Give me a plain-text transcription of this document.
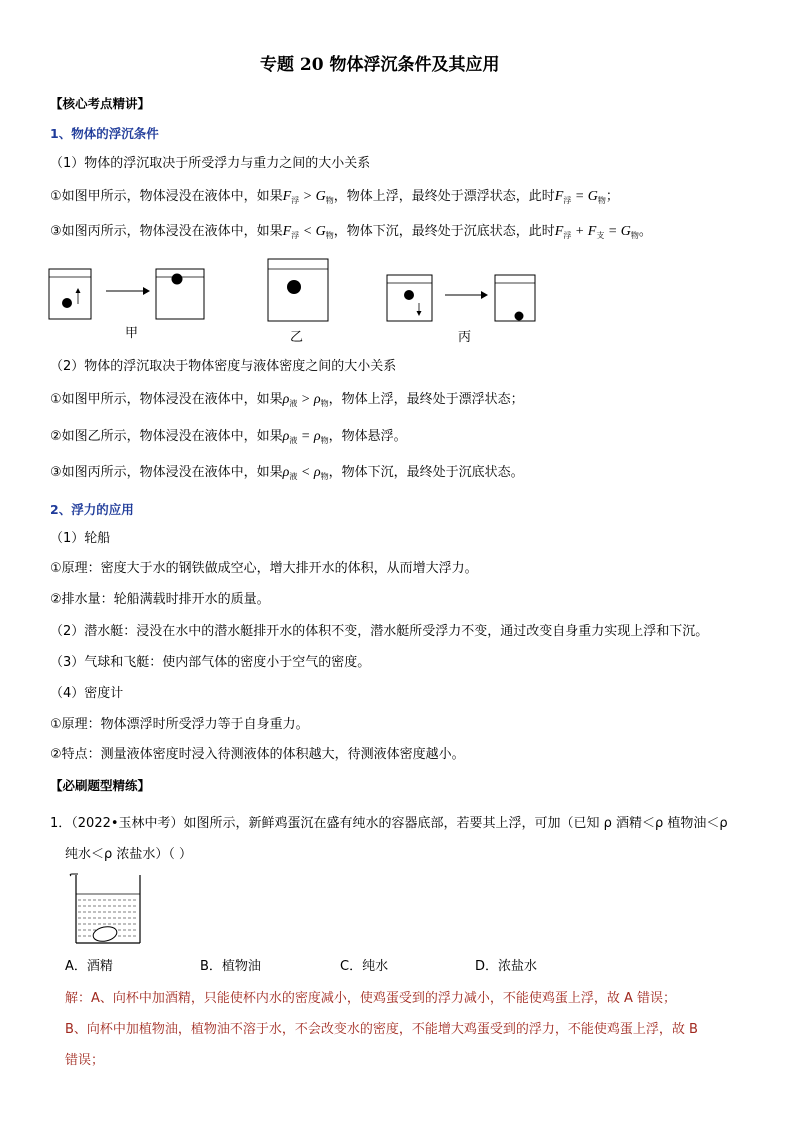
专题 20 物体浮沉条件及其应用
【核心考点精讲】
1、物体的浮沉条件
（1）物体的浮沉取决于所受浮力与重力之间的大小关系
①如图甲所示，物体浸没在液体中，如果$F_浮 > G_物$，物体上浮，最终处于漂浮状态，此时$F_浮 = G_物$；
③如图丙所示，物体浸没在液体中，如果$F_浮 < G_物$，物体下沉，最终处于沉底状态，此时$F_浮 + F_支 = G_物$。
甲	乙	丙
（2）物体的浮沉取决于物体密度与液体密度之间的大小关系
①如图甲所示，物体浸没在液体中，如果$\rho_液 > \rho_物$，物体上浮，最终处于漂浮状态；
②如图乙所示，物体浸没在液体中，如果$\rho_液 = \rho_物$，物体悬浮。
③如图丙所示，物体浸没在液体中，如果$\rho_液 < \rho_物$，物体下沉，最终处于沉底状态。
2、浮力的应用
（1）轮船
①原理：密度大于水的钢铁做成空心，增大排开水的体积，从而增大浮力。
②排水量：轮船满载时排开水的质量。
（2）潜水艇：浸没在水中的潜水艇排开水的体积不变，潜水艇所受浮力不变，通过改变自身重力实现上浮和下沉。
（3）气球和飞艇：使内部气体的密度小于空气的密度。
（4）密度计
①原理：物体漂浮时所受浮力等于自身重力。
②特点：测量液体密度时浸入待测液体的体积越大，待测液体密度越小。
【必刷题型精练】
1．（2022•玉林中考）如图所示，新鲜鸡蛋沉在盛有纯水的容器底部，若要其上浮，可加（已知 ρ 酒精＜ρ 植物油＜ρ
纯水＜ρ 浓盐水）（ ）
A．酒精	B．植物油	C．纯水	D．浓盐水
解：A、向杯中加酒精，只能使杯内水的密度减小，使鸡蛋受到的浮力减小，不能使鸡蛋上浮，故 A 错误；
B、向杯中加植物油，植物油不溶于水，不会改变水的密度，不能增大鸡蛋受到的浮力，不能使鸡蛋上浮，故 B
错误；
